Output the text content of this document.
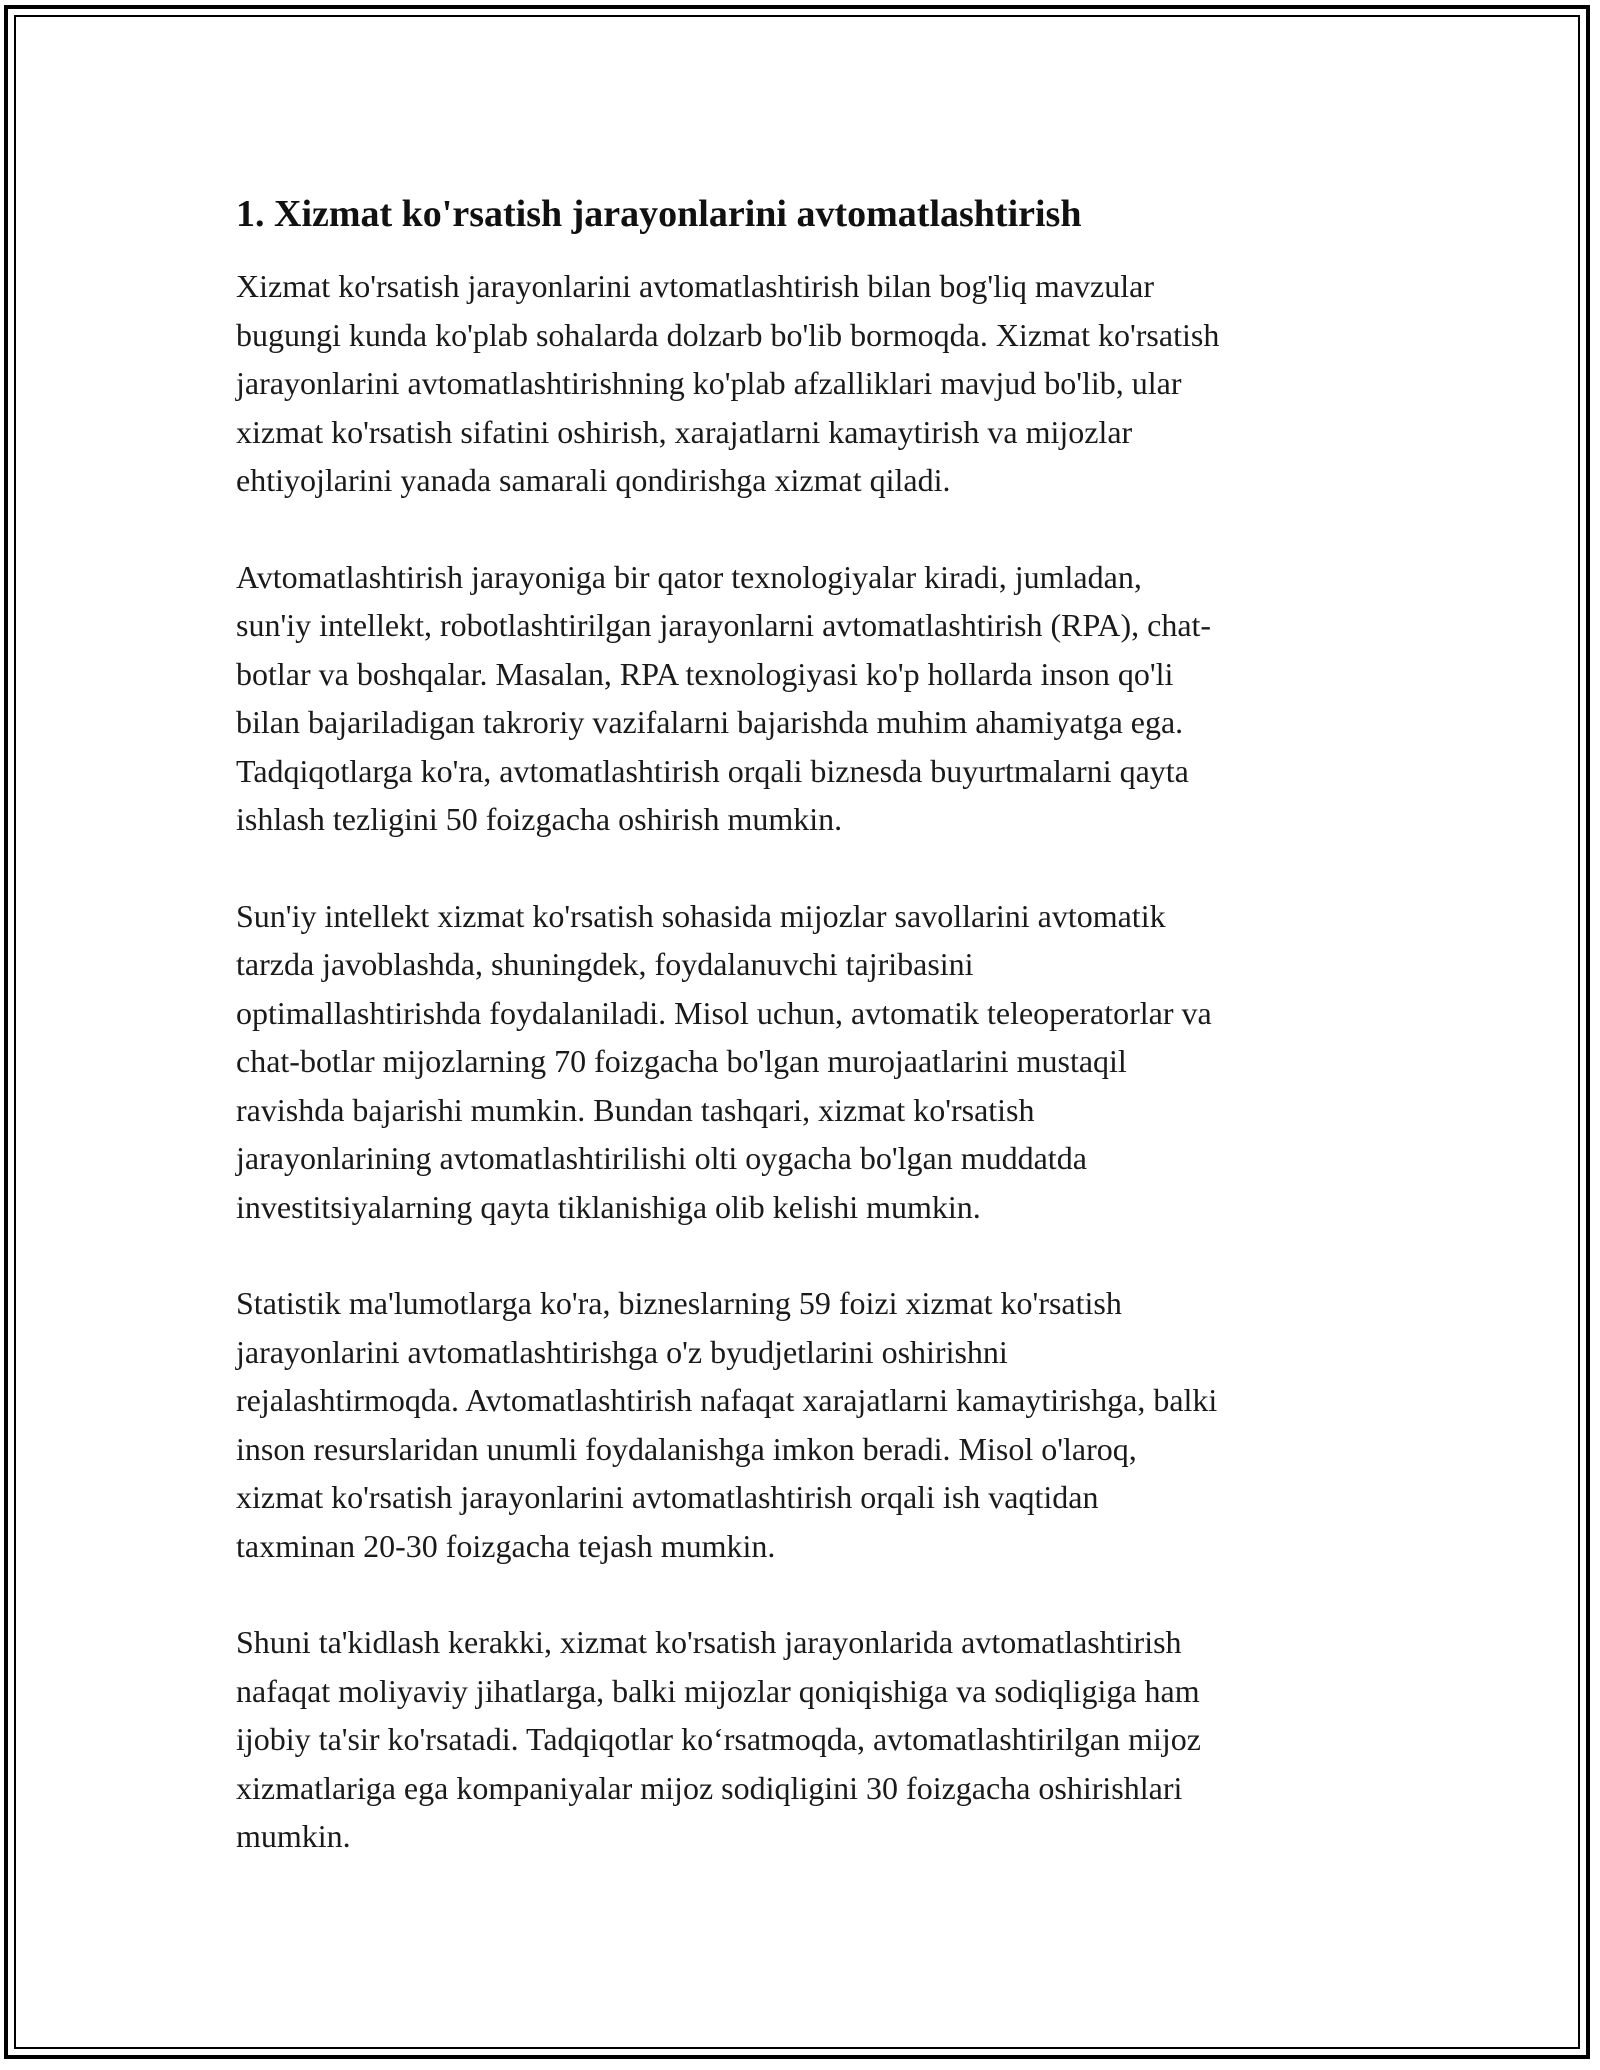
1. Xizmat ko'rsatish jarayonlarini avtomatlashtirish

Xizmat ko'rsatish jarayonlarini avtomatlashtirish bilan bog'liq mavzular
bugungi kunda ko'plab sohalarda dolzarb bo'lib bormoqda. Xizmat ko'rsatish
jarayonlarini avtomatlashtirishning ko'plab afzalliklari mavjud bo'lib, ular
xizmat ko'rsatish sifatini oshirish, xarajatlarni kamaytirish va mijozlar
ehtiyojlarini yanada samarali qondirishga xizmat qiladi.

Avtomatlashtirish jarayoniga bir qator texnologiyalar kiradi, jumladan,
sun'iy intellekt, robotlashtirilgan jarayonlarni avtomatlashtirish (RPA), chat-
botlar va boshqalar. Masalan, RPA texnologiyasi ko'p hollarda inson qo'li
bilan bajariladigan takroriy vazifalarni bajarishda muhim ahamiyatga ega.
Tadqiqotlarga ko'ra, avtomatlashtirish orqali biznesda buyurtmalarni qayta
ishlash tezligini 50 foizgacha oshirish mumkin.

Sun'iy intellekt xizmat ko'rsatish sohasida mijozlar savollarini avtomatik
tarzda javoblashda, shuningdek, foydalanuvchi tajribasini
optimallashtirishda foydalaniladi. Misol uchun, avtomatik teleoperatorlar va
chat-botlar mijozlarning 70 foizgacha bo'lgan murojaatlarini mustaqil
ravishda bajarishi mumkin. Bundan tashqari, xizmat ko'rsatish
jarayonlarining avtomatlashtirilishi olti oygacha bo'lgan muddatda
investitsiyalarning qayta tiklanishiga olib kelishi mumkin.

Statistik ma'lumotlarga ko'ra, bizneslarning 59 foizi xizmat ko'rsatish
jarayonlarini avtomatlashtirishga o'z byudjetlarini oshirishni
rejalashtirmoqda. Avtomatlashtirish nafaqat xarajatlarni kamaytirishga, balki
inson resurslaridan unumli foydalanishga imkon beradi. Misol o'laroq,
xizmat ko'rsatish jarayonlarini avtomatlashtirish orqali ish vaqtidan
taxminan 20-30 foizgacha tejash mumkin.

Shuni ta'kidlash kerakki, xizmat ko'rsatish jarayonlarida avtomatlashtirish
nafaqat moliyaviy jihatlarga, balki mijozlar qoniqishiga va sodiqligiga ham
ijobiy ta'sir ko'rsatadi. Tadqiqotlar ko‘rsatmoqda, avtomatlashtirilgan mijoz
xizmatlariga ega kompaniyalar mijoz sodiqligini 30 foizgacha oshirishlari
mumkin.
